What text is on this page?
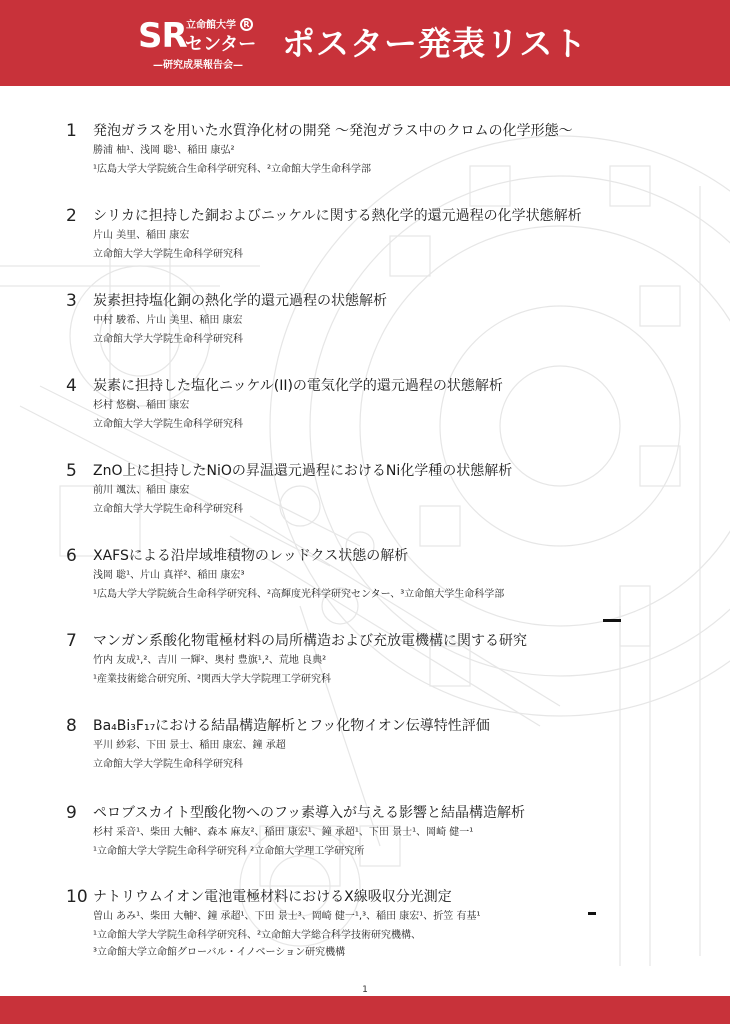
SR 立命館大学
センター
R
—研究成果報告会—
ポスター発表リスト
1 発泡ガラスを用いた水質浄化材の開発 ～発泡ガラス中のクロムの化学形態～
勝浦 柚¹、浅岡 聡¹、稲田 康弘²
¹広島大学大学院統合生命科学研究科、²立命館大学生命科学部
2 シリカに担持した銅およびニッケルに関する熱化学的還元過程の化学状態解析
片山 美里、稲田 康宏
立命館大学大学院生命科学研究科
3 炭素担持塩化銅の熱化学的還元過程の状態解析
中村 駿希、片山 美里、稲田 康宏
立命館大学大学院生命科学研究科
4 炭素に担持した塩化ニッケル(II)の電気化学的還元過程の状態解析
杉村 悠樹、稲田 康宏
立命館大学大学院生命科学研究科
5 ZnO上に担持したNiOの昇温還元過程におけるNi化学種の状態解析
前川 颯汰、稲田 康宏
立命館大学大学院生命科学研究科
6 XAFSによる沿岸域堆積物のレッドクス状態の解析
浅岡 聡¹、片山 真祥²、稲田 康宏³
¹広島大学大学院統合生命科学研究科、²高輝度光科学研究センター、³立命館大学生命科学部
7 マンガン系酸化物電極材料の局所構造および充放電機構に関する研究
竹内 友成¹,²、吉川 一輝²、奥村 豊旗¹,²、荒地 良典²
¹産業技術総合研究所、²関西大学大学院理工学研究科
8 Ba₄Bi₃F₁₇における結晶構造解析とフッ化物イオン伝導特性評価
平川 紗彩、下田 景士、稲田 康宏、鐘 承超
立命館大学大学院生命科学研究科
9 ペロブスカイト型酸化物へのフッ素導入が与える影響と結晶構造解析
杉村 采音¹、柴田 大輔²、森本 麻友²、稲田 康宏¹、鐘 承超¹、下田 景士¹、岡崎 健一¹
¹立命館大学大学院生命科学研究科 ²立命館大学理工学研究所
10 ナトリウムイオン電池電極材料におけるX線吸収分光測定
曽山 あみ¹、柴田 大輔²、鐘 承超¹、下田 景士³、岡崎 健一¹,³、稲田 康宏¹、折笠 有基¹
¹立命館大学大学院生命科学研究科、²立命館大学総合科学技術研究機構、
³立命館大学立命館グローバル・イノベーション研究機構
1
